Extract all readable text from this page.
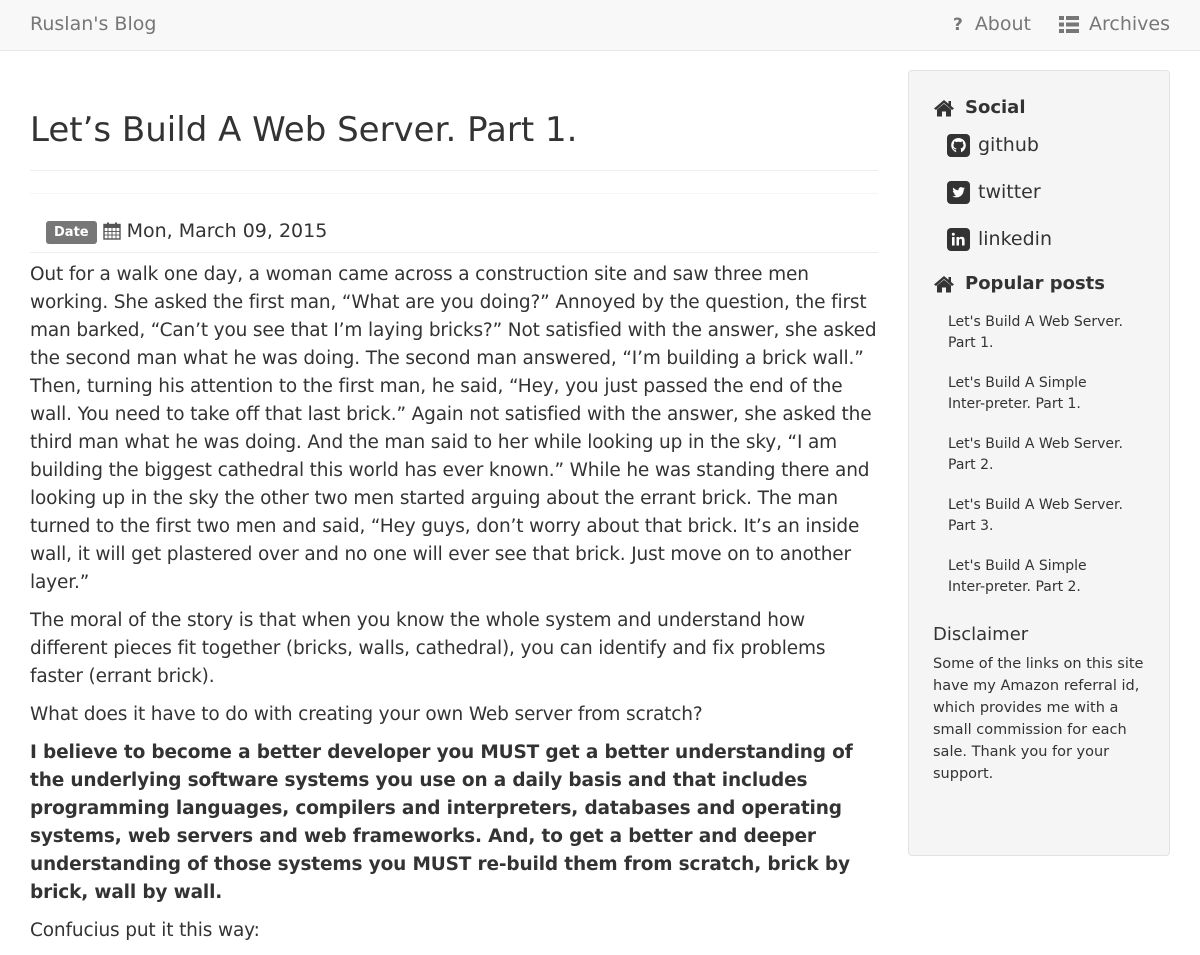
Ruslan's Blog	? About	Archives
Let’s Build A Web Server. Part 1.
Date	Mon, March 09, 2015

Out for a walk one day, a woman came across a construction site and saw three men working. She asked the first man, “What are you doing?” Annoyed by the question, the first man barked, “Can’t you see that I’m laying bricks?” Not satisfied with the answer, she asked the second man what he was doing. The second man answered, “I’m building a brick wall.” Then, turning his attention to the first man, he said, “Hey, you just passed the end of the wall. You need to take off that last brick.” Again not satisfied with the answer, she asked the third man what he was doing. And the man said to her while looking up in the sky, “I am building the biggest cathedral this world has ever known.” While he was standing there and looking up in the sky the other two men started arguing about the errant brick. The man turned to the first two men and said, “Hey guys, don’t worry about that brick. It’s an inside wall, it will get plastered over and no one will ever see that brick. Just move on to another layer.”

The moral of the story is that when you know the whole system and understand how different pieces fit together (bricks, walls, cathedral), you can identify and fix problems faster (errant brick).

What does it have to do with creating your own Web server from scratch?

I believe to become a better developer you MUST get a better understanding of the underlying software systems you use on a daily basis and that includes programming languages, compilers and interpreters, databases and operating systems, web servers and web frameworks. And, to get a better and deeper understanding of those systems you MUST re-build them from scratch, brick by brick, wall by wall.

Confucius put it this way:

Social
github
twitter
linkedin
Popular posts
Let's Build A Web Server. Part 1.
Let's Build A Simple Inter-preter. Part 1.
Let's Build A Web Server. Part 2.
Let's Build A Web Server. Part 3.
Let's Build A Simple Inter-preter. Part 2.
Disclaimer

Some of the links on this site have my Amazon referral id, which provides me with a small commission for each sale. Thank you for your support.
